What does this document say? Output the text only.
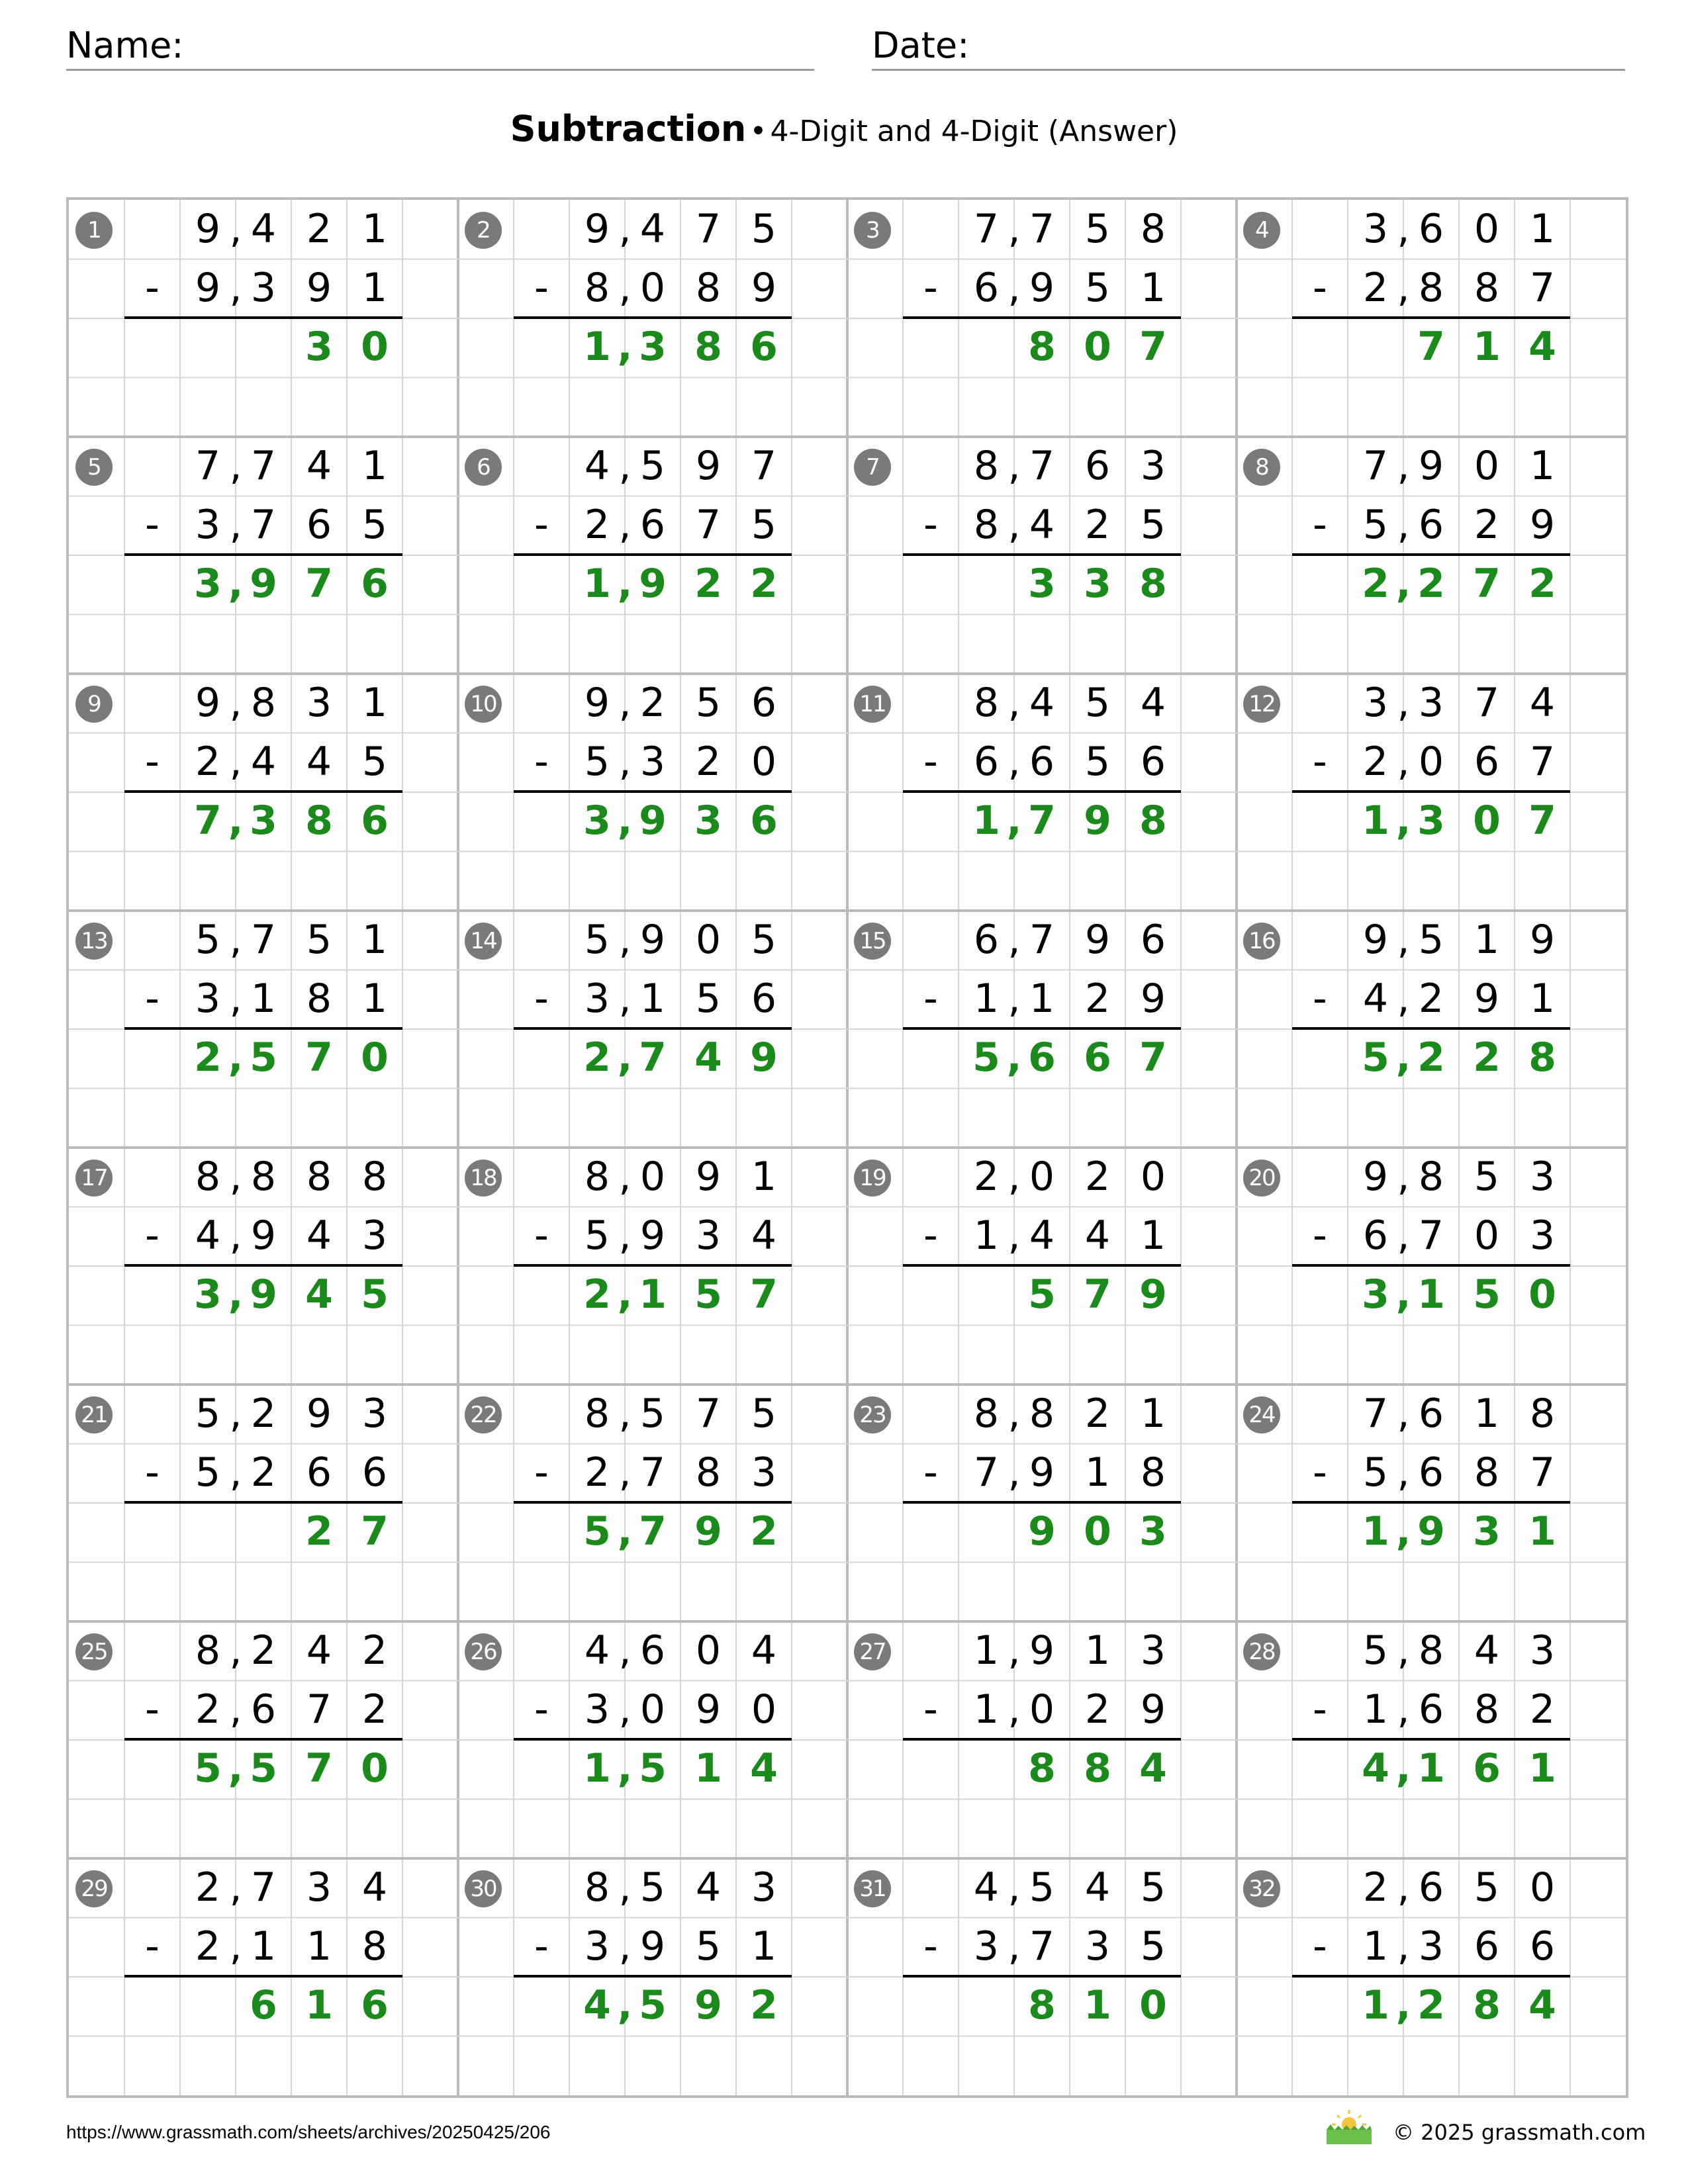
Name:	Date:
Subtraction • 4-Digit and 4-Digit (Answer)
1	9 4 2 1
,
- 9 3 9 1
,
3 0
2	9 4 7 5
,
- 8 0 8 9
,
1 3 8 6
,
3	7 7 5 8
,
- 6 9 5 1
,
8 0 7
4	3 6 0 1
,
- 2 8 8 7
,
7 1 4
5	7 7 4 1
,
- 3 7 6 5
,
3 9 7 6
,
6	4 5 9 7
,
- 2 6 7 5
,
1 9 2 2
,
7	8 7 6 3
,
- 8 4 2 5
,
3 3 8
8	7 9 0 1
,
- 5 6 2 9
,
2 2 7 2
,
9	9 8 3 1
,
- 2 4 4 5
,
7 3 8 6
,
10	9 2 5 6
,
- 5 3 2 0
,
3 9 3 6
,
11	8 4 5 4
,
- 6 6 5 6
,
1 7 9 8
,
12	3 3 7 4
,
- 2 0 6 7
,
1 3 0 7
,
13	5 7 5 1
,
- 3 1 8 1
,
2 5 7 0
,
14	5 9 0 5
,
- 3 1 5 6
,
2 7 4 9
,
15	6 7 9 6
,
- 1 1 2 9
,
5 6 6 7
,
16	9 5 1 9
,
- 4 2 9 1
,
5 2 2 8
,
17	8 8 8 8
,
- 4 9 4 3
,
3 9 4 5
,
18	8 0 9 1
,
- 5 9 3 4
,
2 1 5 7
,
19	2 0 2 0
,
- 1 4 4 1
,
5 7 9
20	9 8 5 3
,
- 6 7 0 3
,
3 1 5 0
,
21	5 2 9 3
,
- 5 2 6 6
,
2 7
22	8 5 7 5
,
- 2 7 8 3
,
5 7 9 2
,
23	8 8 2 1
,
- 7 9 1 8
,
9 0 3
24	7 6 1 8
,
- 5 6 8 7
,
1 9 3 1
,
25	8 2 4 2
,
- 2 6 7 2
,
5 5 7 0
,
26	4 6 0 4
,
- 3 0 9 0
,
1 5 1 4
,
27	1 9 1 3
,
- 1 0 2 9
,
8 8 4
28	5 8 4 3
,
- 1 6 8 2
,
4 1 6 1
,
29	2 7 3 4
,
- 2 1 1 8
,
6 1 6
30	8 5 4 3
,
- 3 9 5 1
,
4 5 9 2
,
31	4 5 4 5
,
- 3 7 3 5
,
8 1 0
32	2 6 5 0
,
- 1 3 6 6
,
1 2 8 4
,
https://www.grassmath.com/sheets/archives/20250425/206	© 2025 grassmath.com
